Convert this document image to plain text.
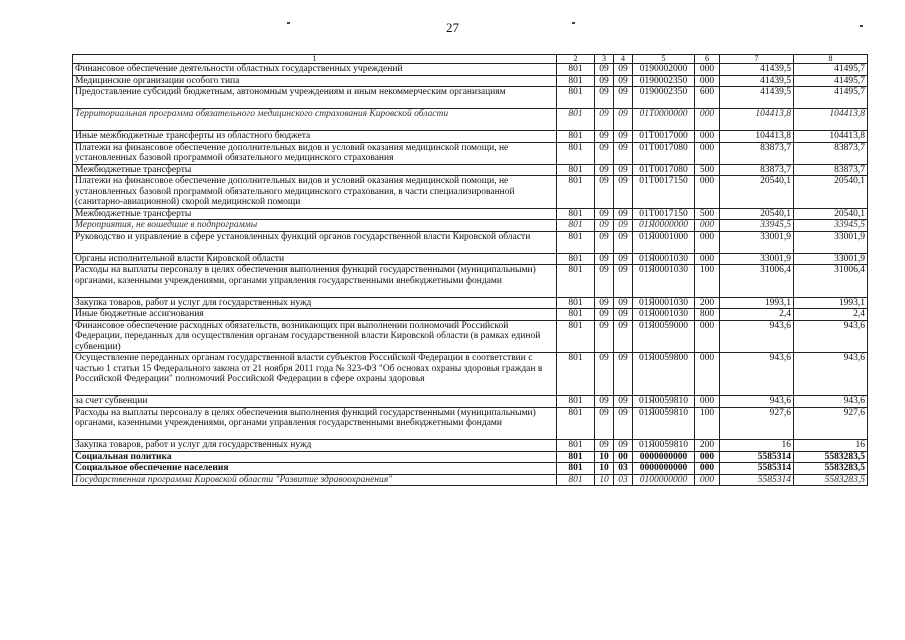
27
1	2	3	4	5	6	7	8
Финансовое обеспечение деятельности областных государственных учреждений	801	09	09	0190002000	000	41439,5	41495,7
Медицинские организации особого типа	801	09	09	0190002350	000	41439,5	41495,7
Предоставление субсидий бюджетным, автономным учреждениям и иным некоммерческим организациям	801	09	09	0190002350	600	41439,5	41495,7
Территориальная программа обязательного медицинского страхования Кировской области	801	09	09	01T0000000	000	104413,8	104413,8
Иные межбюджетные трансферты из областного бюджета	801	09	09	01T0017000	000	104413,8	104413,8
Платежи на финансовое обеспечение дополнительных видов и условий оказания медицинской помощи, не установленных базовой программой обязательного медицинского страхования	801	09	09	01T0017080	000	83873,7	83873,7
Межбюджетные трансферты	801	09	09	01T0017080	500	83873,7	83873,7
Платежи на финансовое обеспечение дополнительных видов и условий оказания медицинской помощи, не установленных базовой программой обязательного медицинского страхования, в части специализированной (санитарно-авиационной) скорой медицинской помощи	801	09	09	01T0017150	000	20540,1	20540,1
Межбюджетные трансферты	801	09	09	01T0017150	500	20540,1	20540,1
Мероприятия, не вошедшие в подпрограммы	801	09	09	01Я0000000	000	33945,5	33945,5
Руководство и управление в сфере установленных функций органов государственной власти Кировской области	801	09	09	01Я0001000	000	33001,9	33001,9
Органы исполнительной власти Кировской области	801	09	09	01Я0001030	000	33001,9	33001,9
Расходы на выплаты персоналу в целях обеспечения выполнения функций государственными (муниципальными) органами, казенными учреждениями, органами управления государственными внебюджетными фондами	801	09	09	01Я0001030	100	31006,4	31006,4
Закупка товаров, работ и услуг для государственных нужд	801	09	09	01Я0001030	200	1993,1	1993,1
Иные бюджетные ассигнования	801	09	09	01Я0001030	800	2,4	2,4
Финансовое обеспечение расходных обязательств, возникающих при выполнении полномочий Российской Федерации, переданных для осуществления органам государственной власти Кировской области (в рамках единой субвенции)	801	09	09	01Я0059000	000	943,6	943,6
Осуществление переданных органам государственной власти субъектов Российской Федерации в соответствии с частью 1 статьи 15 Федерального закона от 21 ноября 2011 года № 323-ФЗ "Об основах охраны здоровья граждан в Российской Федерации" полномочий Российской Федерации в сфере охраны здоровья	801	09	09	01Я0059800	000	943,6	943,6
за счет субвенции	801	09	09	01Я0059810	000	943,6	943,6
Расходы на выплаты персоналу в целях обеспечения выполнения функций государственными (муниципальными) органами, казенными учреждениями, органами управления государственными внебюджетными фондами	801	09	09	01Я0059810	100	927,6	927,6
Закупка товаров, работ и услуг для государственных нужд	801	09	09	01Я0059810	200	16	16
Социальная политика	801	10	00	0000000000	000	5585314	5583283,5
Социальное обеспечение населения	801	10	03	0000000000	000	5585314	5583283,5
Государственная программа Кировской области "Развитие здравоохранения"	801	10	03	0100000000	000	5585314	5583283,5
